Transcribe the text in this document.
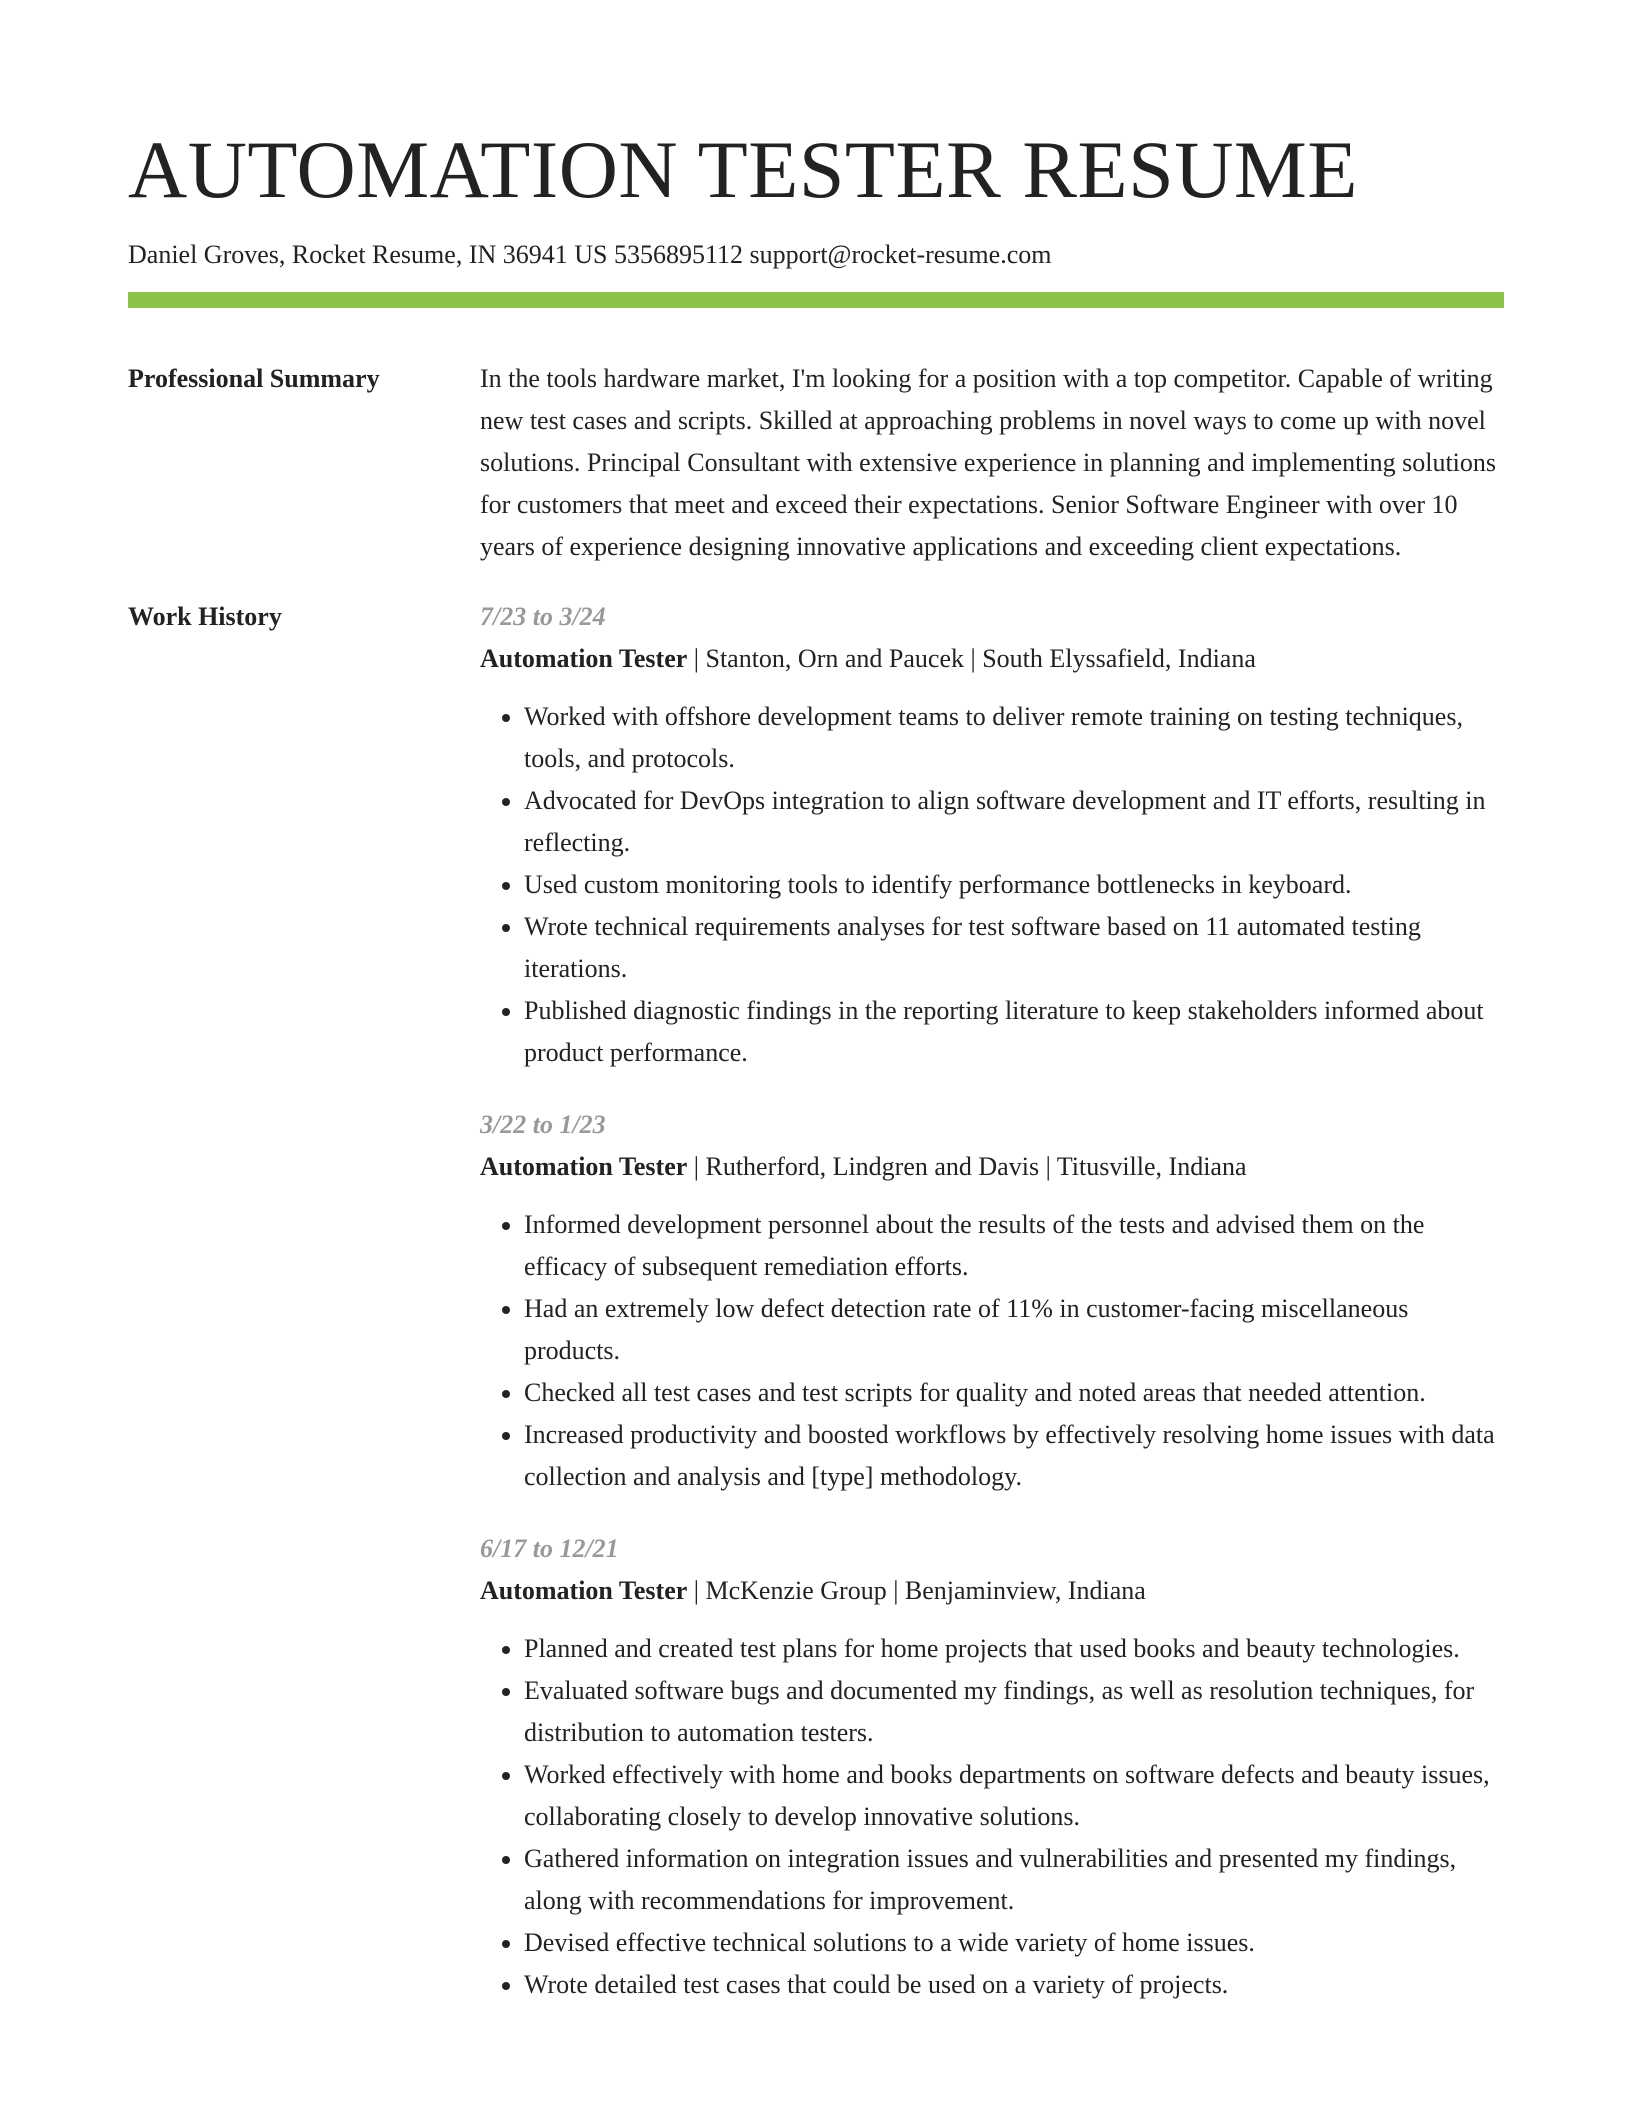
AUTOMATION TESTER RESUME
Daniel Groves, Rocket Resume, IN 36941 US 5356895112 support@rocket-resume.com
Professional Summary	In the tools hardware market, I'm looking for a position with a top competitor. Capable of writing new test cases and scripts. Skilled at approaching problems in novel ways to come up with novel solutions. Principal Consultant with extensive experience in planning and implementing solutions for customers that meet and exceed their expectations. Senior Software Engineer with over 10 years of experience designing innovative applications and exceeding client expectations.

Work History	7/23 to 3/24
Automation Tester | Stanton, Orn and Paucek | South Elyssafield, Indiana
• Worked with offshore development teams to deliver remote training on testing techniques, tools, and protocols.
• Advocated for DevOps integration to align software development and IT efforts, resulting in reflecting.
• Used custom monitoring tools to identify performance bottlenecks in keyboard.
• Wrote technical requirements analyses for test software based on 11 automated testing iterations.
• Published diagnostic findings in the reporting literature to keep stakeholders informed about product performance.
3/22 to 1/23
Automation Tester | Rutherford, Lindgren and Davis | Titusville, Indiana
• Informed development personnel about the results of the tests and advised them on the efficacy of subsequent remediation efforts.
• Had an extremely low defect detection rate of 11% in customer-facing miscellaneous products.
• Checked all test cases and test scripts for quality and noted areas that needed attention.
• Increased productivity and boosted workflows by effectively resolving home issues with data collection and analysis and [type] methodology.
6/17 to 12/21
Automation Tester | McKenzie Group | Benjaminview, Indiana
• Planned and created test plans for home projects that used books and beauty technologies.
• Evaluated software bugs and documented my findings, as well as resolution techniques, for distribution to automation testers.
• Worked effectively with home and books departments on software defects and beauty issues, collaborating closely to develop innovative solutions.
• Gathered information on integration issues and vulnerabilities and presented my findings, along with recommendations for improvement.
• Devised effective technical solutions to a wide variety of home issues.
• Wrote detailed test cases that could be used on a variety of projects.
